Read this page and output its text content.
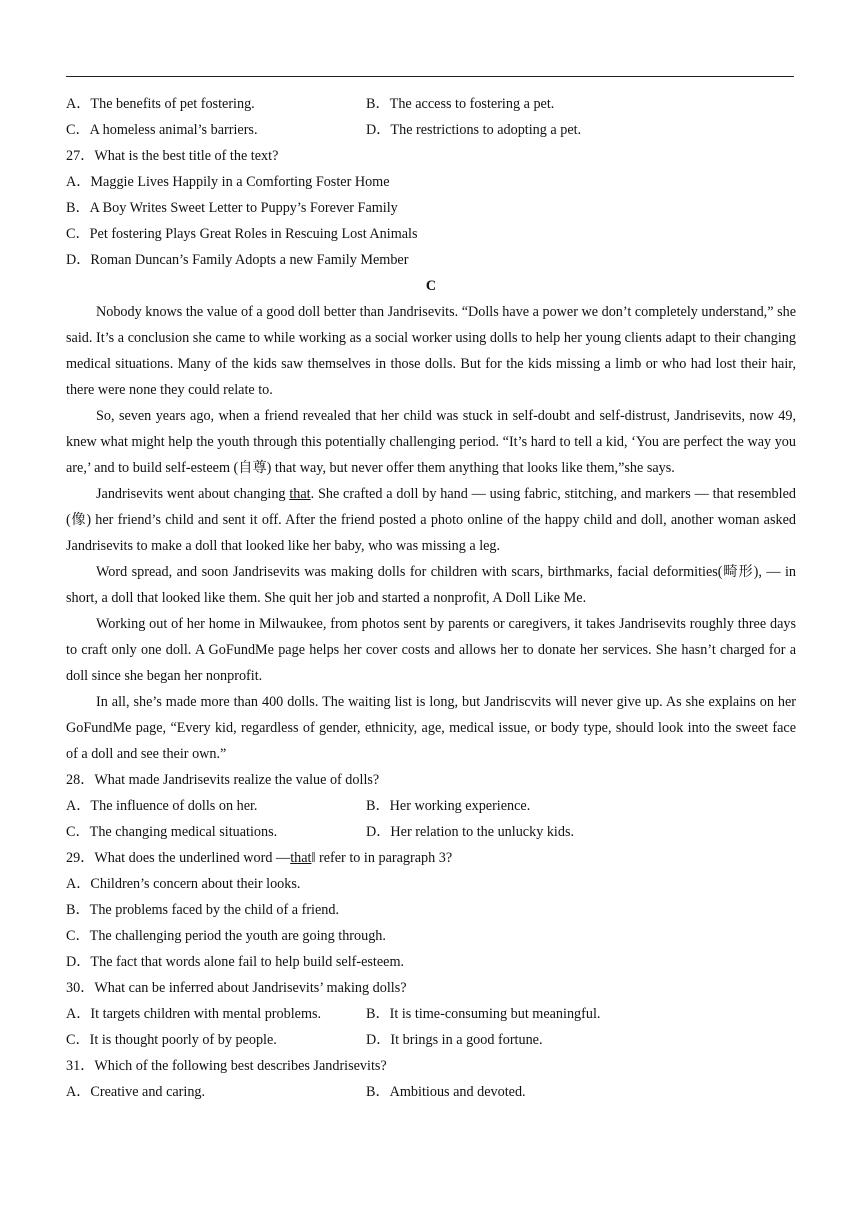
A．The benefits of pet fostering.	B．The access to fostering a pet.
C．A homeless animal’s barriers.	D．The restrictions to adopting a pet.
27．What is the best title of the text?
A．Maggie Lives Happily in a Comforting Foster Home
B．A Boy Writes Sweet Letter to Puppy’s Forever Family
C．Pet fostering Plays Great Roles in Rescuing Lost Animals
D．Roman Duncan’s Family Adopts a new Family Member
C
Nobody knows the value of a good doll better than Jandrisevits. “Dolls have a power we don’t completely understand,” she said. It’s a conclusion she came to while working as a social worker using dolls to help her young clients adapt to their changing medical situations. Many of the kids saw themselves in those dolls. But for the kids missing a limb or who had lost their hair, there were none they could relate to.
So, seven years ago, when a friend revealed that her child was stuck in self-doubt and self-distrust, Jandrisevits, now 49, knew what might help the youth through this potentially challenging period. “It’s hard to tell a kid, ‘You are perfect the way you are,’ and to build self-esteem (自尊) that way, but never offer them anything that looks like them,”she says.
Jandrisevits went about changing that. She crafted a doll by hand — using fabric, stitching, and markers — that resembled (像) her friend’s child and sent it off. After the friend posted a photo online of the happy child and doll, another woman asked Jandrisevits to make a doll that looked like her baby, who was missing a leg.
Word spread, and soon Jandrisevits was making dolls for children with scars, birthmarks, facial deformities(畸形), — in short, a doll that looked like them. She quit her job and started a nonprofit, A Doll Like Me.
Working out of her home in Milwaukee, from photos sent by parents or caregivers, it takes Jandrisevits roughly three days to craft only one doll. A GoFundMe page helps her cover costs and allows her to donate her services. She hasn’t charged for a doll since she began her nonprofit.
In all, she’s made more than 400 dolls. The waiting list is long, but Jandriscvits will never give up. As she explains on her GoFundMe page, “Every kid, regardless of gender, ethnicity, age, medical issue, or body type, should look into the sweet face of a doll and see their own.”
28．What made Jandrisevits realize the value of dolls?
A．The influence of dolls on her.	B．Her working experience.
C．The changing medical situations.	D．Her relation to the unlucky kids.
29．What does the underlined word ―that‖ refer to in paragraph 3?
A．Children’s concern about their looks.
B．The problems faced by the child of a friend.
C．The challenging period the youth are going through.
D．The fact that words alone fail to help build self-esteem.
30．What can be inferred about Jandrisevits’ making dolls?
A．It targets children with mental problems.	B．It is time-consuming but meaningful.
C．It is thought poorly of by people.	D．It brings in a good fortune.
31．Which of the following best describes Jandrisevits?
A．Creative and caring.	B．Ambitious and devoted.
